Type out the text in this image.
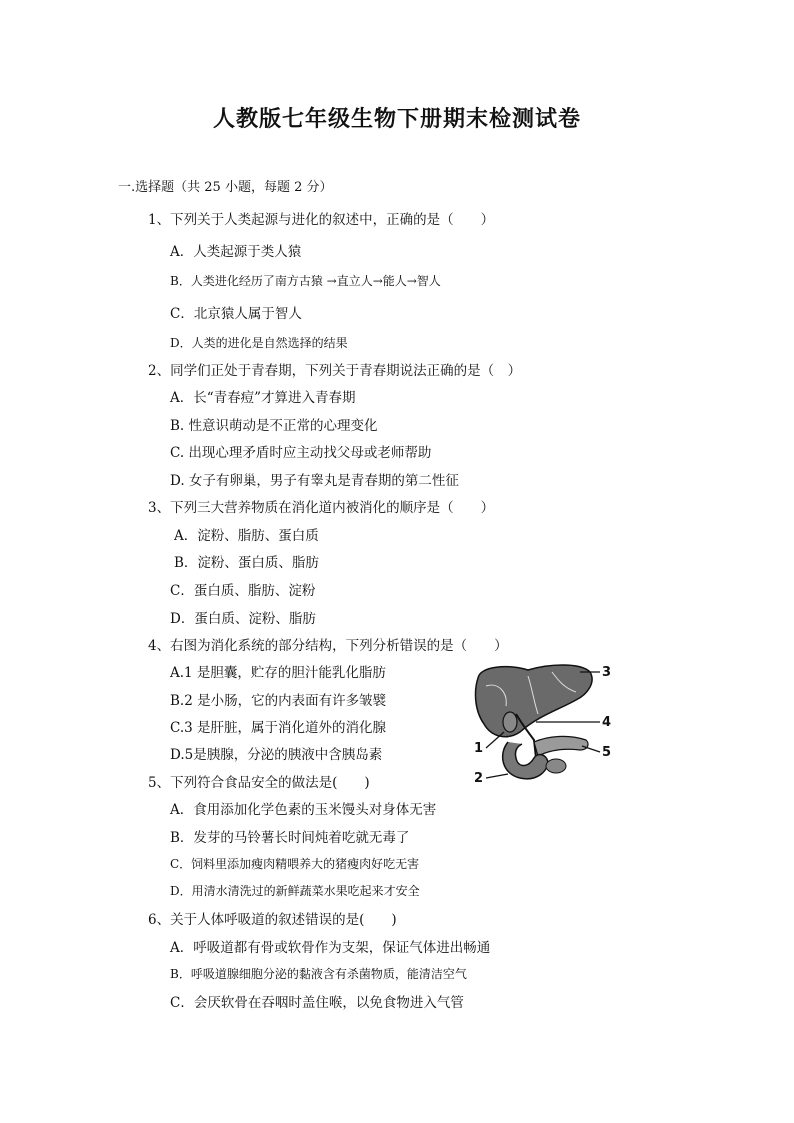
人教版七年级生物下册期末检测试卷
一.选择题（共 25 小题，每题 2 分）
1、下列关于人类起源与进化的叙述中，正确的是（　　）
A．人类起源于类人猿
B．人类进化经历了南方古猿 →直立人→能人→智人
C．北京猿人属于智人
D．人类的进化是自然选择的结果
2、同学们正处于青春期，下列关于青春期说法正确的是（　）
A．长“青春痘”才算进入青春期
B. 性意识萌动是不正常的心理变化
C. 出现心理矛盾时应主动找父母或老师帮助
D. 女子有卵巢，男子有睾丸是青春期的第二性征
3、下列三大营养物质在消化道内被消化的顺序是（　　）
A．淀粉、脂肪、蛋白质
B．淀粉、蛋白质、脂肪
C．蛋白质、脂肪、淀粉
D．蛋白质、淀粉、脂肪
4、右图为消化系统的部分结构，下列分析错误的是（　　）
A.1 是胆囊，贮存的胆汁能乳化脂肪
B.2 是小肠，它的内表面有许多皱襞
C.3 是肝脏，属于消化道外的消化腺
D.5是胰腺，分泌的胰液中含胰岛素
3
4
1	5
2
5、下列符合食品安全的做法是(　　)
A．食用添加化学色素的玉米馒头对身体无害
B．发芽的马铃薯长时间炖着吃就无毒了
C．饲料里添加瘦肉精喂养大的猪瘦肉好吃无害
D．用清水清洗过的新鲜蔬菜水果吃起来才安全
6、关于人体呼吸道的叙述错误的是(　　)
A．呼吸道都有骨或软骨作为支架，保证气体进出畅通
B．呼吸道腺细胞分泌的黏液含有杀菌物质，能清洁空气
C．会厌软骨在吞咽时盖住喉，以免食物进入气管
